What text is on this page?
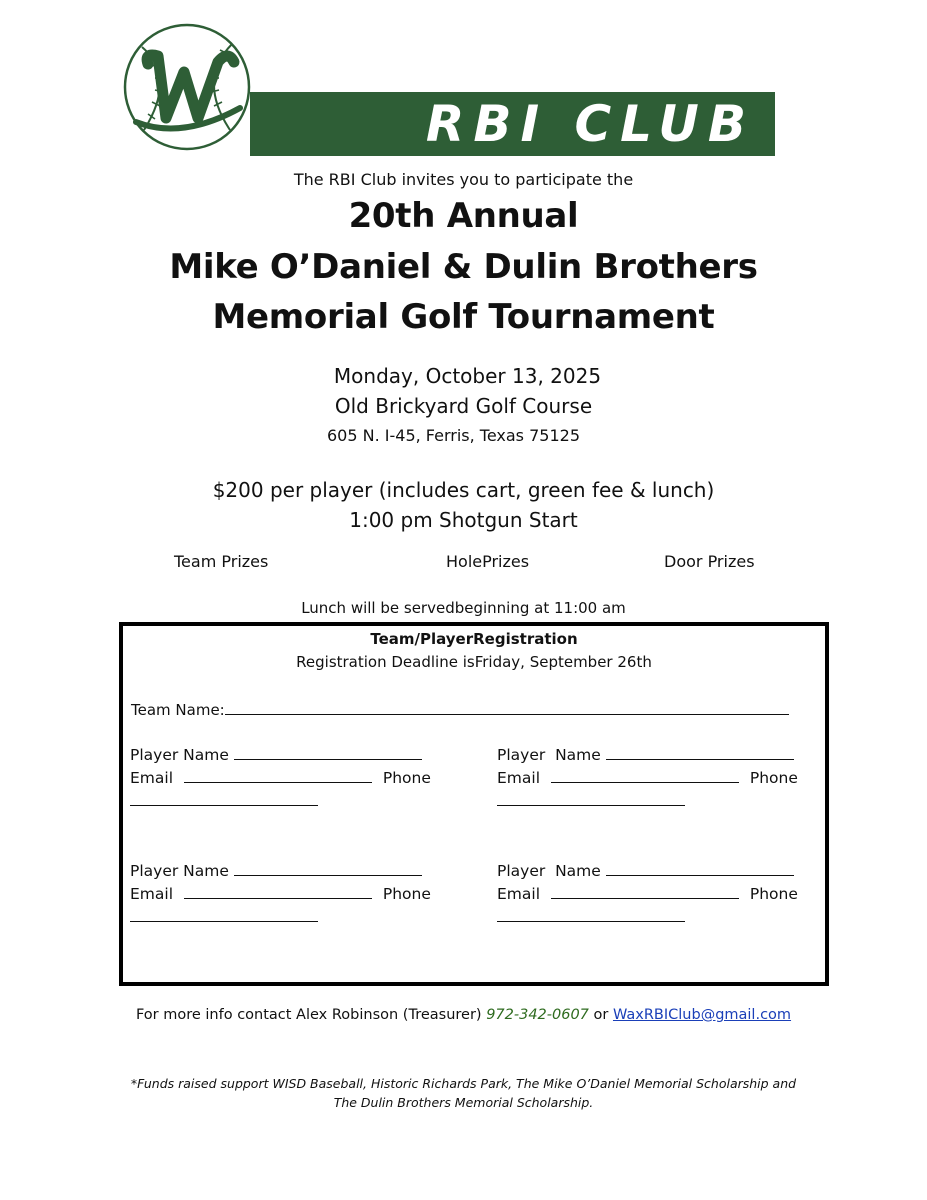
RBI CLUB
The RBI Club invites you to participate the
20th Annual
Mike O’Daniel & Dulin Brothers
Memorial Golf Tournament
Monday, October 13, 2025
Old Brickyard Golf Course
605 N. I-45, Ferris, Texas 75125
$200 per player (includes cart, green fee & lunch)
1:00 pm Shotgun Start
Team Prizes	HolePrizes	Door Prizes
Lunch will be servedbeginning at 11:00 am
Team/PlayerRegistration
Registration Deadline isFriday, September 26th
Team Name:
Player Name
Email	Phone
Player  Name
Email	Phone
Player Name
Email	Phone
Player  Name
Email	Phone
For more info contact Alex Robinson (Treasurer) 972-342-0607 or WaxRBIClub@gmail.com
*Funds raised support WISD Baseball, Historic Richards Park, The Mike O’Daniel Memorial Scholarship and
The Dulin Brothers Memorial Scholarship.
